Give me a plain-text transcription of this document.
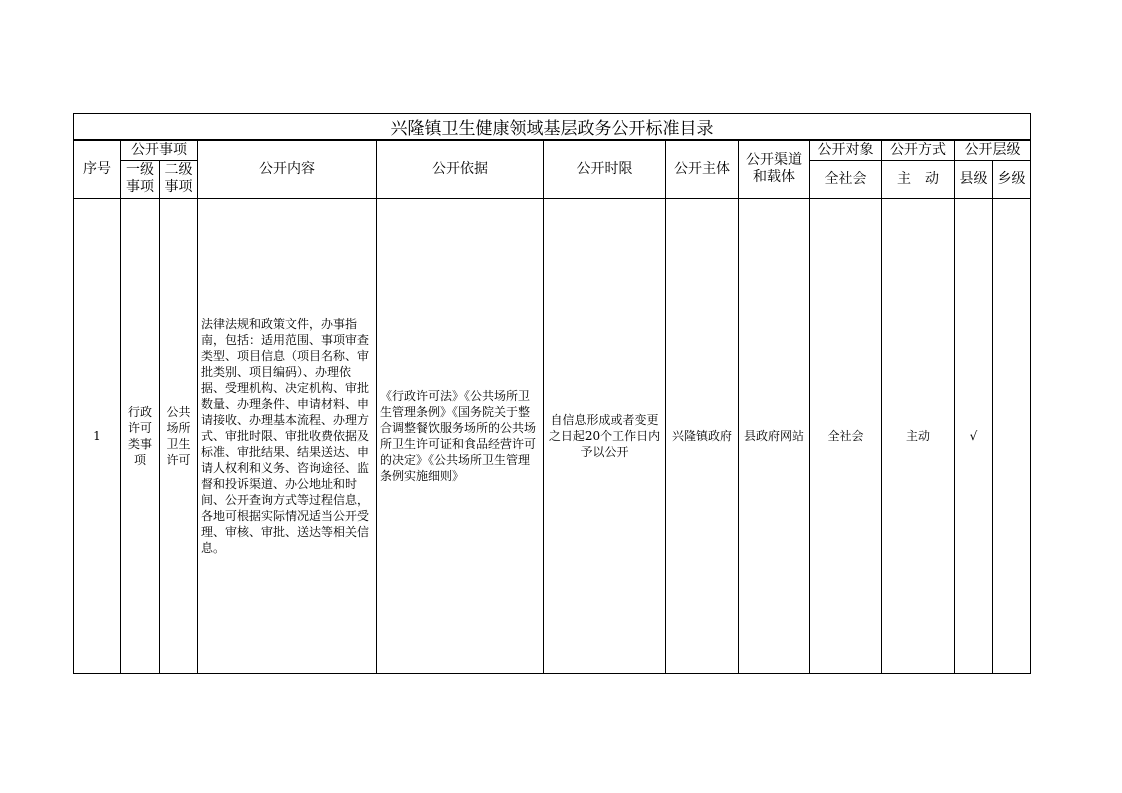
兴隆镇卫生健康领域基层政务公开标准目录											
序号	公开事项		公开内容	公开依据	公开时限	公开主体	公开渠道和载体	公开对象	公开方式	公开层级	
	一级事项	二级事项						全社会	主　动	县级	乡级

1	行政许可类事项	公共场所卫生许可	法律法规和政策文件，办事指南，包括：适用范围、事项审查类型、项目信息（项目名称、审批类别、项目编码）、办理依据、受理机构、决定机构、审批数量、办理条件、申请材料、申请接收、办理基本流程、办理方式、审批时限、审批收费依据及标准、审批结果、结果送达、申请人权利和义务、咨询途径、监督和投诉渠道、办公地址和时间、公开查询方式等过程信息，各地可根据实际情况适当公开受理、审核、审批、送达等相关信息。	《行政许可法》《公共场所卫生管理条例》《国务院关于整合调整餐饮服务场所的公共场所卫生许可证和食品经营许可的决定》《公共场所卫生管理条例实施细则》	自信息形成或者变更之日起20个工作日内予以公开	兴隆镇政府	县政府网站	全社会	主动	√	
